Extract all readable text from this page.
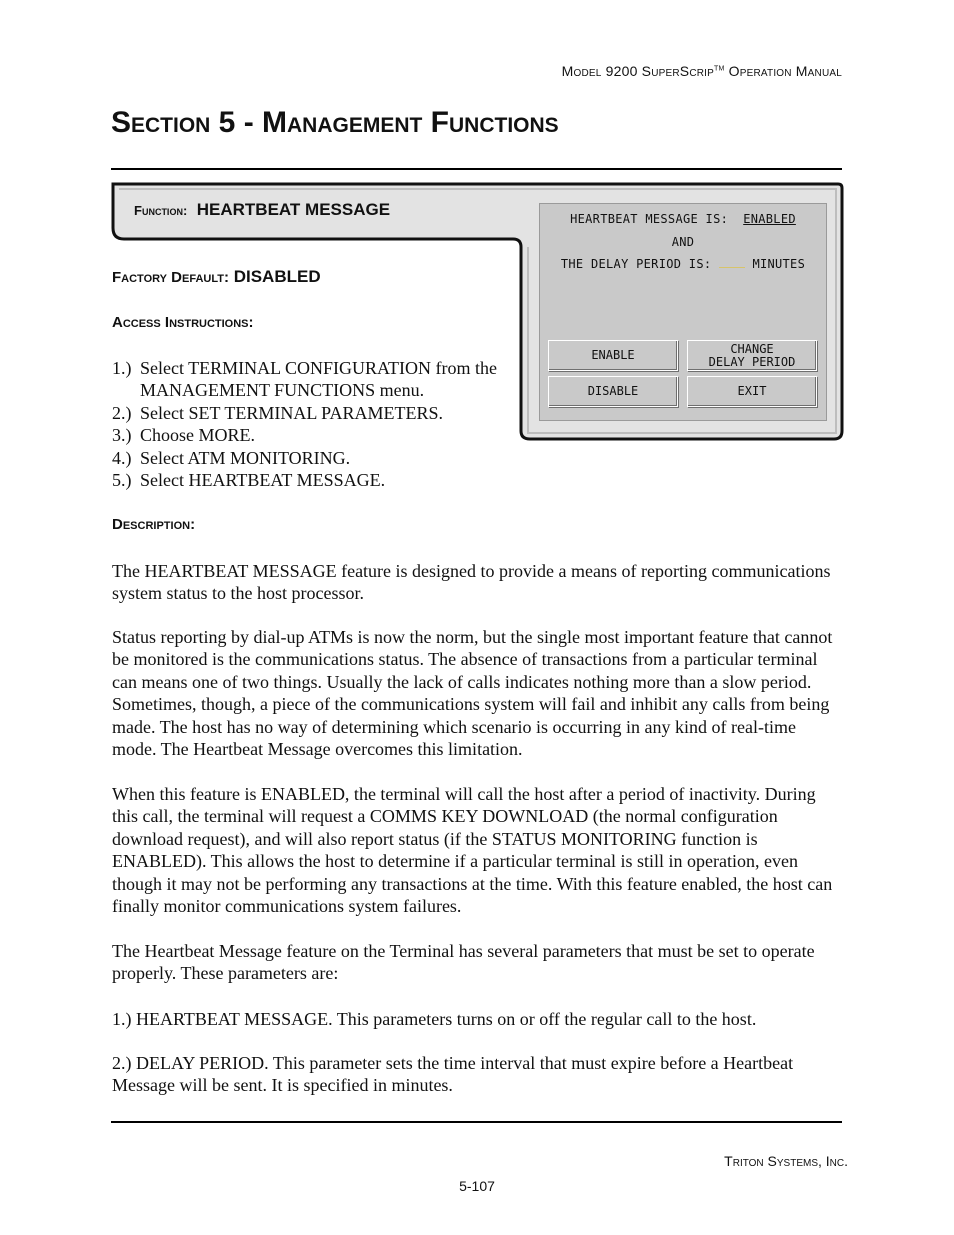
Model 9200 SuperScrip™ Operation Manual
Section 5 - Management Functions
Function: HEARTBEAT MESSAGE	HEARTBEAT MESSAGE IS: ENABLED
AND
THE DELAY PERIOD IS:	MINUTES
ENABLE	CHANGE
DELAY PERIOD
DISABLE	EXIT
Factory Default: DISABLED
Access Instructions:
1.) Select TERMINAL CONFIGURATION from the MANAGEMENT FUNCTIONS menu.
2.) Select SET TERMINAL PARAMETERS.
3.) Choose MORE.
4.) Select ATM MONITORING.
5.) Select HEARTBEAT MESSAGE.
Description:

The HEARTBEAT MESSAGE feature is designed to provide a means of reporting communications system status to the host processor.

Status reporting by dial-up ATMs is now the norm, but the single most important feature that cannot be monitored is the communications status. The absence of transactions from a particular terminal can means one of two things. Usually the lack of calls indicates nothing more than a slow period. Sometimes, though, a piece of the communications system will fail and inhibit any calls from being made. The host has no way of determining which scenario is occurring in any kind of real-time mode. The Heartbeat Message overcomes this limitation.

When this feature is ENABLED, the terminal will call the host after a period of inactivity. During this call, the terminal will request a COMMS KEY DOWNLOAD (the normal configuration download request), and will also report status (if the STATUS MONITORING function is ENABLED). This allows the host to determine if a particular terminal is still in operation, even though it may not be performing any transactions at the time. With this feature enabled, the host can finally monitor communications system failures.

The Heartbeat Message feature on the Terminal has several parameters that must be set to operate properly. These parameters are:

1.) HEARTBEAT MESSAGE. This parameters turns on or off the regular call to the host.

2.) DELAY PERIOD. This parameter sets the time interval that must expire before a Heartbeat Message will be sent. It is specified in minutes.

Triton Systems, Inc.
5-107
